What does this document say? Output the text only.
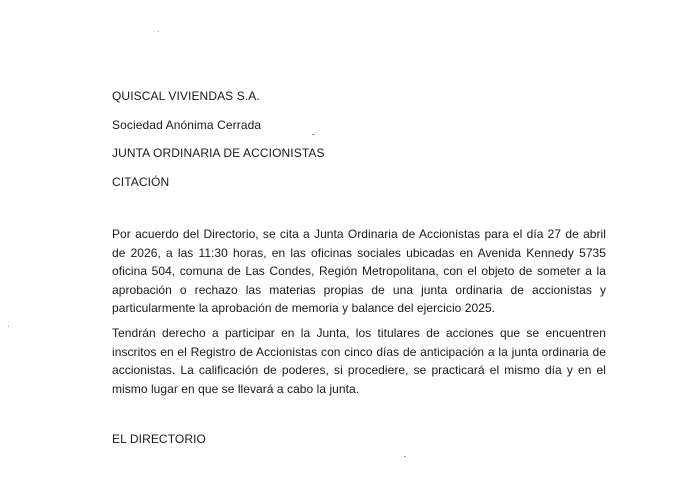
QUISCAL VIVIENDAS S.A.
Sociedad Anónima Cerrada
JUNTA ORDINARIA DE ACCIONISTAS
CITACIÓN
Por acuerdo del Directorio, se cita a Junta Ordinaria de Accionistas para el día 27 de abril de 2026, a las 11:30 horas, en las oficinas sociales ubicadas en Avenida Kennedy 5735 oficina 504, comuna de Las Condes, Región Metropolitana, con el objeto de someter a la aprobación o rechazo las materias propias de una junta ordinaria de accionistas y particularmente la aprobación de memoria y balance del ejercicio 2025.
Tendrán derecho a participar en la Junta, los titulares de acciones que se encuentren inscritos en el Registro de Accionistas con cinco días de anticipación a la junta ordinaria de accionistas. La calificación de poderes, si procediere, se practicará el mismo día y en el mismo lugar en que se llevará a cabo la junta.
EL DIRECTORIO
